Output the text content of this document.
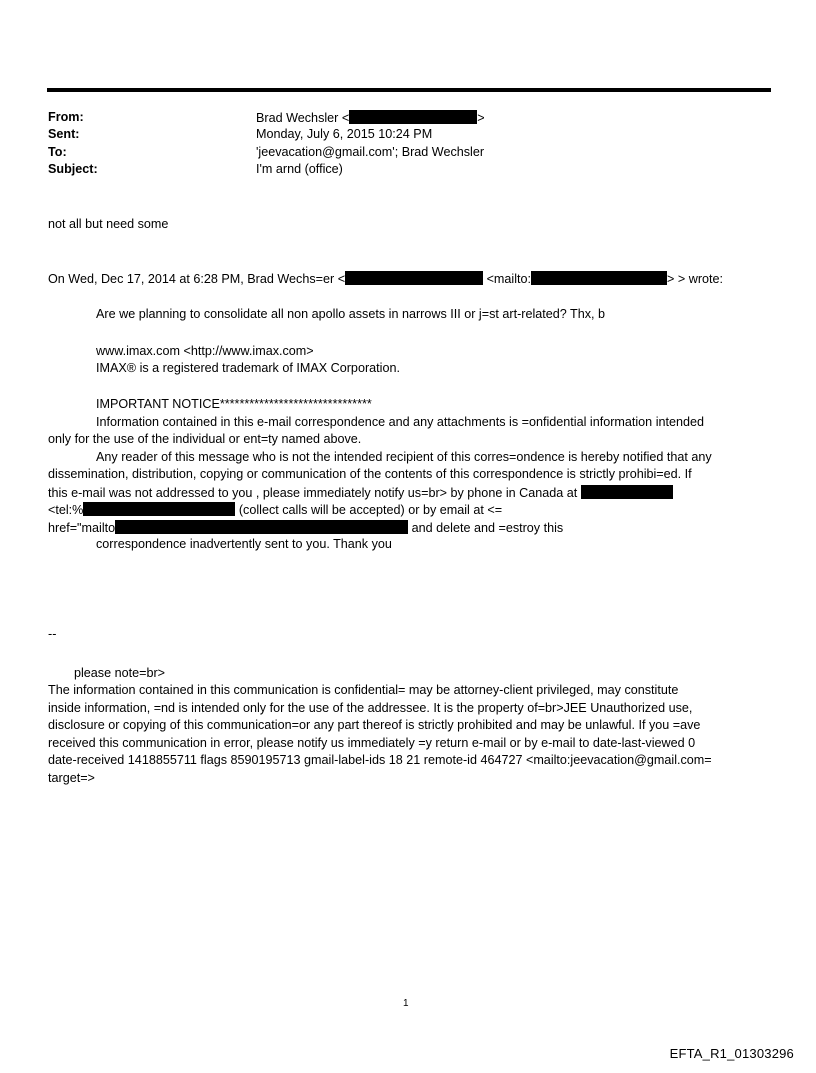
From:	Brad Wechsler <	>
Sent:	Monday, July 6, 2015 10:24 PM
To:	'jeevacation@gmail.com'; Brad Wechsler
Subject:	I'm arnd (office)
not all but need some
On Wed, Dec 17, 2014 at 6:28 PM, Brad Wechs=er <	<mailto:	> > wrote:
Are we planning to consolidate all non apollo assets in narrows III or j=st art-related? Thx, b
www.imax.com <http://www.imax.com>
IMAX® is a registered trademark of IMAX Corporation.
IMPORTANT NOTICE*******************************
Information contained in this e-mail correspondence and any attachments is =onfidential information intended
only for the use of the individual or ent=ty named above.
Any reader of this message who is not the intended recipient of this corres=ondence is hereby notified that any
dissemination, distribution, copying or communication of the contents of this correspondence is strictly prohibi=ed. If
this e-mail was not addressed to you , please immediately notify us=br> by phone in Canada at
<tel:%	(collect calls will be accepted) or by email at <=
href="mailto	and delete and =estroy this
correspondence inadvertently sent to you. Thank you
--
please note=br>
The information contained in this communication is confidential= may be attorney-client privileged, may constitute
inside information, =nd is intended only for the use of the addressee. It is the property of=br>JEE Unauthorized use,
disclosure or copying of this communication=or any part thereof is strictly prohibited and may be unlawful. If you =ave
received this communication in error, please notify us immediately =y return e-mail or by e-mail to date-last-viewed 0
date-received 1418855711 flags 8590195713 gmail-label-ids 18 21 remote-id 464727 <mailto:jeevacation@gmail.com=
target=>
1
EFTA_R1_01303296
